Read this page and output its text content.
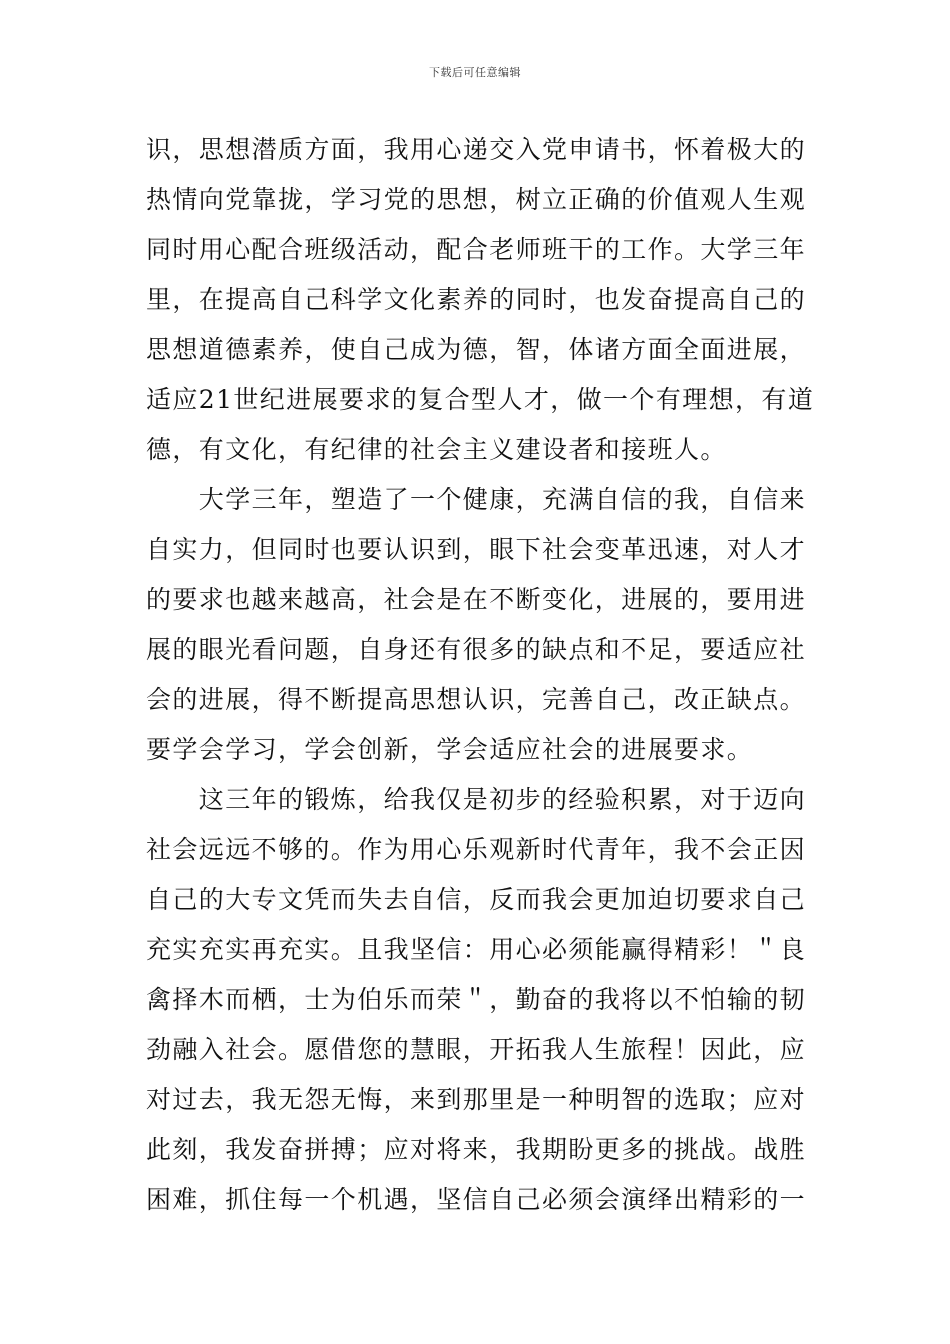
下载后可任意编辑
识，思想潜质方面，我用心递交入党申请书，怀着极大的
热情向党靠拢，学习党的思想，树立正确的价值观人生观
同时用心配合班级活动，配合老师班干的工作。大学三年
里，在提高自己科学文化素养的同时，也发奋提高自己的
思想道德素养，使自己成为德，智，体诸方面全面进展，
适应21世纪进展要求的复合型人才，做一个有理想，有道
德，有文化，有纪律的社会主义建设者和接班人。
　　大学三年，塑造了一个健康，充满自信的我，自信来
自实力，但同时也要认识到，眼下社会变革迅速，对人才
的要求也越来越高，社会是在不断变化，进展的，要用进
展的眼光看问题，自身还有很多的缺点和不足，要适应社
会的进展，得不断提高思想认识，完善自己，改正缺点。
要学会学习，学会创新，学会适应社会的进展要求。
　　这三年的锻炼，给我仅是初步的经验积累，对于迈向
社会远远不够的。作为用心乐观新时代青年，我不会正因
自己的大专文凭而失去自信，反而我会更加迫切要求自己
充实充实再充实。且我坚信：用心必须能赢得精彩！＂良
禽择木而栖，士为伯乐而荣＂，勤奋的我将以不怕输的韧
劲融入社会。愿借您的慧眼，开拓我人生旅程！因此，应
对过去，我无怨无悔，来到那里是一种明智的选取；应对
此刻，我发奋拼搏；应对将来，我期盼更多的挑战。战胜
困难，抓住每一个机遇，坚信自己必须会演绎出精彩的一
